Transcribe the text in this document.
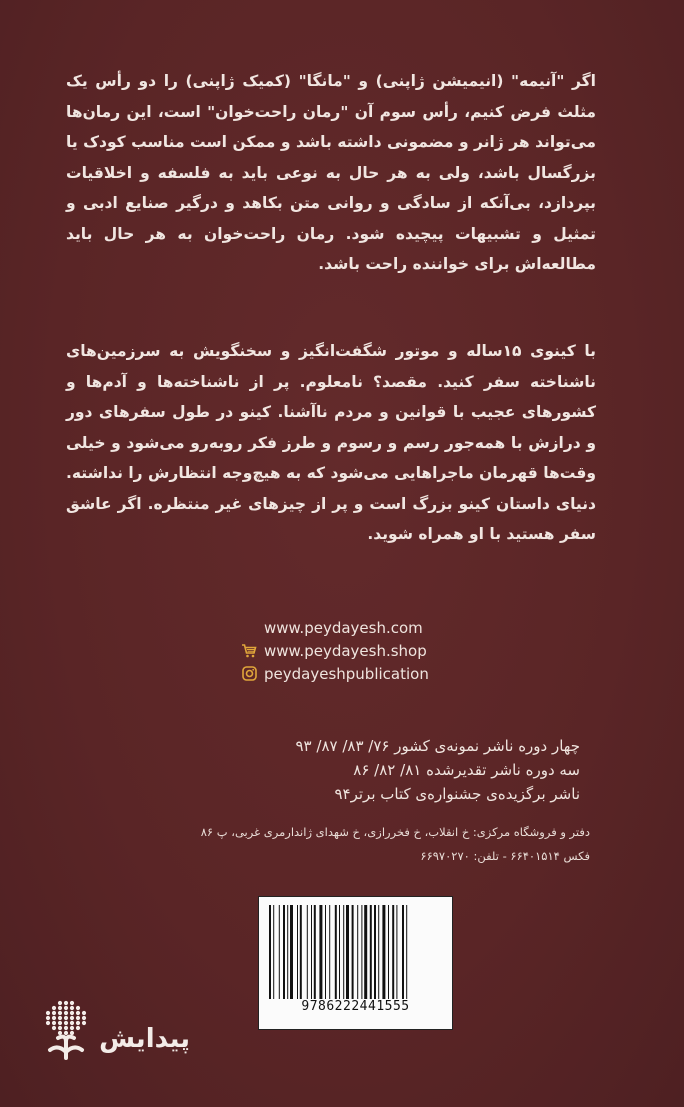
اگر "آنیمه" (انیمیشن ژاپنی) و "مانگا" (کمیک ژاپنی) را دو رأس یک مثلث فرض کنیم، رأس سوم آن "رمان راحت‌خوان" است، این رمان‌ها می‌تواند هر ژانر و مضمونی داشته باشد و ممکن است مناسب کودک یا بزرگسال باشد، ولی به هر حال به نوعی باید به فلسفه و اخلاقیات بپردازد، بی‌آنکه از سادگی و روانی متن بکاهد و درگیر صنایع ادبی و تمثیل و تشبیهات پیچیده شود. رمان راحت‌خوان به هر حال باید مطالعه‌اش برای خواننده راحت باشد.
با کینوی ۱۵ساله و موتور شگفت‌انگیز و سخنگویش به سرزمین‌های ناشناخته سفر کنید. مقصد؟ نامعلوم. پر از ناشناخته‌ها و آدم‌ها و کشورهای عجیب با قوانین و مردم ناآشنا. کینو در طول سفرهای دور و درازش با همه‌جور رسم و رسوم و طرز فکر روبه‌رو می‌شود و خیلی وقت‌ها قهرمان ماجراهایی می‌شود که به هیچ‌وجه انتظارش را نداشته. دنیای داستان کینو بزرگ است و پر از چیزهای غیر منتظره. اگر عاشق سفر هستید با او همراه شوید.
www.peydayesh.com
www.peydayesh.shop
peydayeshpublication
چهار دوره ناشر نمونه‌ی کشور ۷۶/ ۸۳/ ۸۷/ ۹۳
سه دوره ناشر تقدیرشده ۸۱/ ۸۲/ ۸۶
ناشر برگزیده‌ی جشنواره‌ی کتاب برتر۹۴
دفتر و فروشگاه مرکزی: خ انقلاب، خ فخررازی، خ شهدای ژاندارمری غربی، پ ۸۶
فکس ۶۶۴۰۱۵۱۴ - تلفن: ۶۶۹۷۰۲۷۰
9786222441555
پیدایش
